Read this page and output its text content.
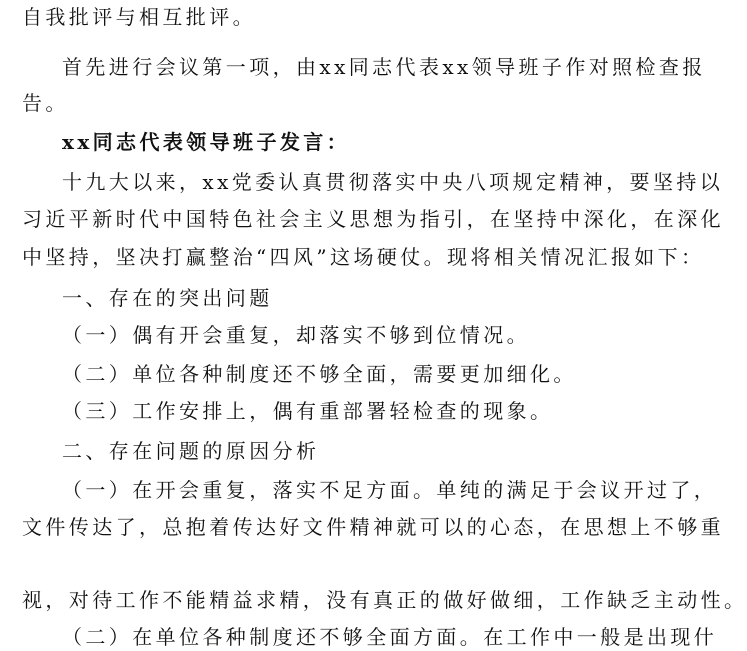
自我批评与相互批评。
首先进行会议第一项，由xx同志代表xx领导班子作对照检查报
告。
xx同志代表领导班子发言：
十九大以来，xx党委认真贯彻落实中央八项规定精神，要坚持以
习近平新时代中国特色社会主义思想为指引，在坚持中深化，在深化
中坚持，坚决打赢整治“四风”这场硬仗。现将相关情况汇报如下：
一、存在的突出问题
（一）偶有开会重复，却落实不够到位情况。
（二）单位各种制度还不够全面，需要更加细化。
（三）工作安排上，偶有重部署轻检查的现象。
二、存在问题的原因分析
（一）在开会重复，落实不足方面。单纯的满足于会议开过了，
文件传达了，总抱着传达好文件精神就可以的心态，在思想上不够重
视，对待工作不能精益求精，没有真正的做好做细，工作缺乏主动性。
（二）在单位各种制度还不够全面方面。在工作中一般是出现什
